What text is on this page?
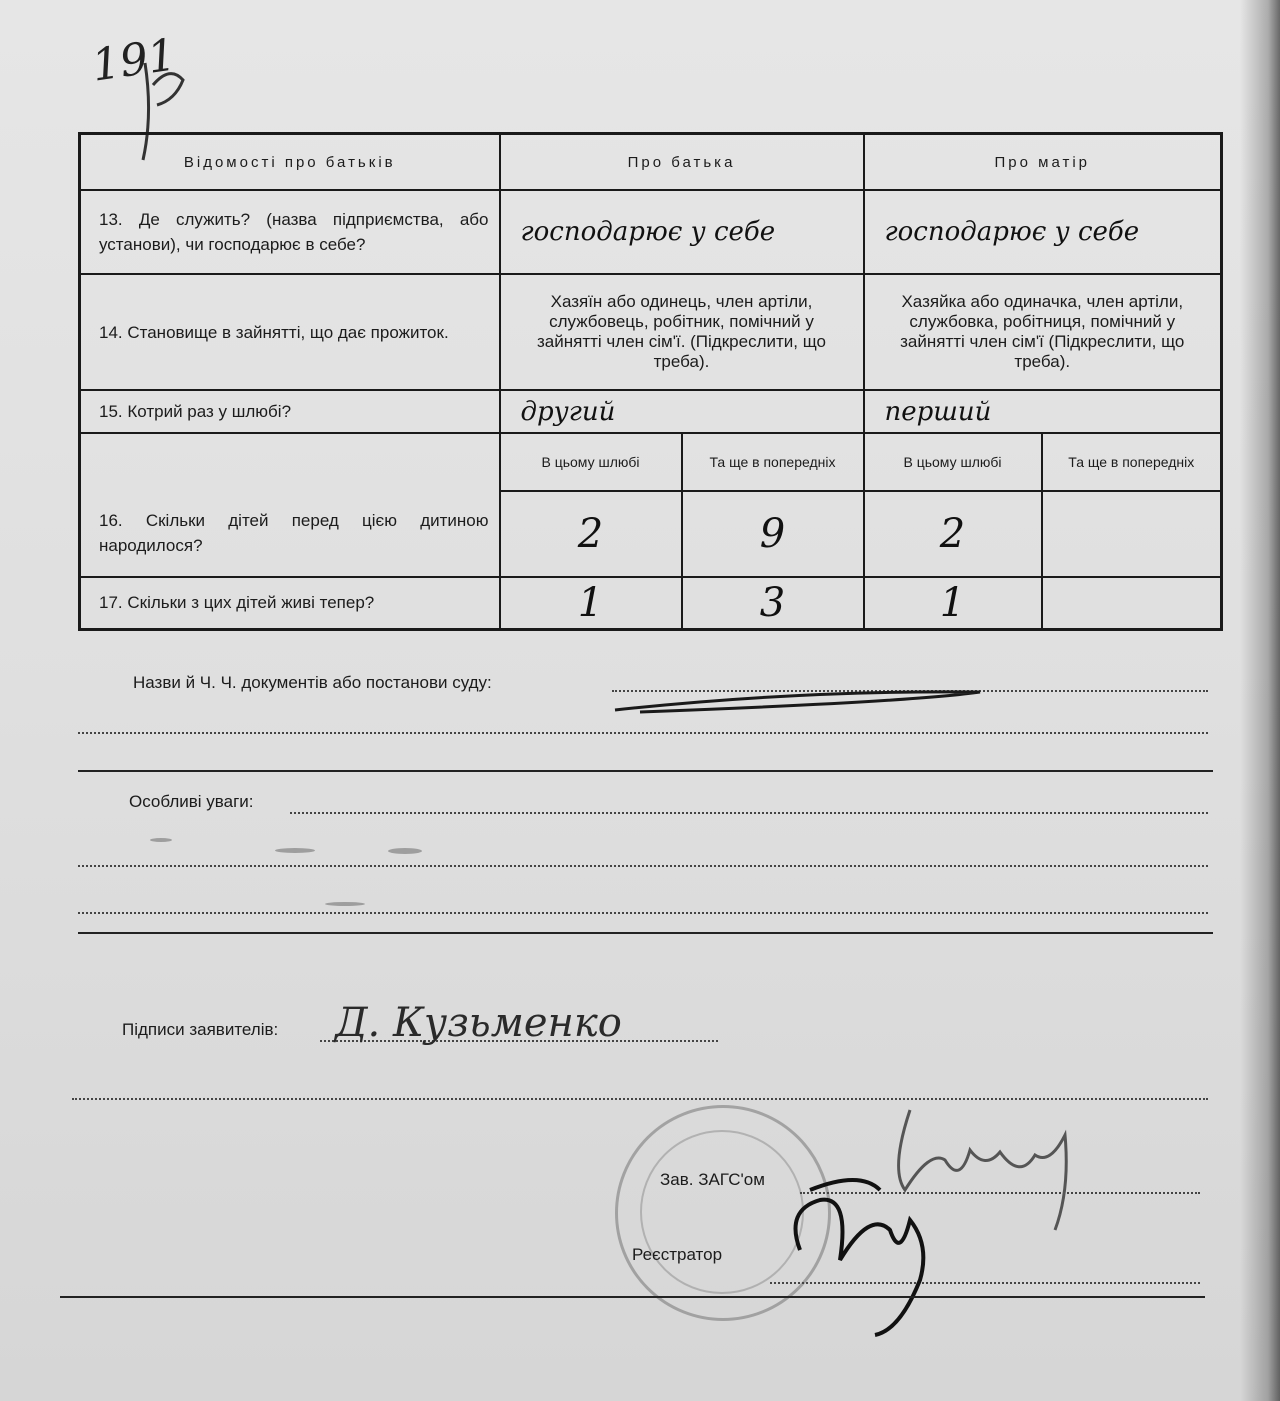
191
Відомості про батьків	Про батька		Про матір	
13. Де служить? (назва підприємства, або установи), чи господарює в себе?	господарює у себе		господарює у себе	
14. Становище в зайнятті, що дає прожиток.	Хазяїн або одинець, член артіли, службовець, робітник, помічний у зайнятті член сім'ї. (Підкреслити, що треба).		Хазяйка або одиначка, член артіли, службовка, робітниця, помічний у зайнятті член сім'ї (Підкреслити, що треба).	
15. Котрий раз у шлюбі?	другий		перший	
16. Скільки дітей перед цією дитиною народилося?	В цьому шлюбі	Та ще в попередніх	В цьому шлюбі	Та ще в попередніх
	2	9	2	
17. Скільки з цих дітей живі тепер?	1	3	1	
Назви й Ч. Ч. документів або постанови суду:
Особливі уваги:
Підписи заявителів: Д. Кузьменко
Зав. ЗАГС'ом
Реєстратор
